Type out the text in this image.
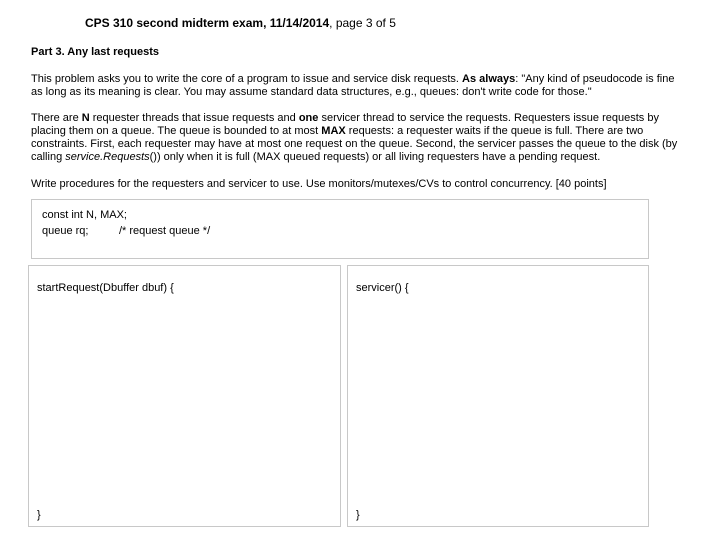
CPS 310 second midterm exam, 11/14/2014, page 3 of 5
Part 3. Any last requests
This problem asks you to write the core of a program to issue and service disk requests. As always: "Any kind of pseudocode is fine as long as its meaning is clear. You may assume standard data structures, e.g., queues: don't write code for those."
There are N requester threads that issue requests and one servicer thread to service the requests. Requesters issue requests by placing them on a queue. The queue is bounded to at most MAX requests: a requester waits if the queue is full. There are two constraints. First, each requester may have at most one request on the queue. Second, the servicer passes the queue to the disk (by calling service.Requests()) only when it is full (MAX queued requests) or all living requesters have a pending request.
Write procedures for the requesters and servicer to use. Use monitors/mutexes/CVs to control concurrency. [40 points]
const int N, MAX;
queue rq;	/* request queue */
startRequest(Dbuffer dbuf) {
}
servicer() {
}
